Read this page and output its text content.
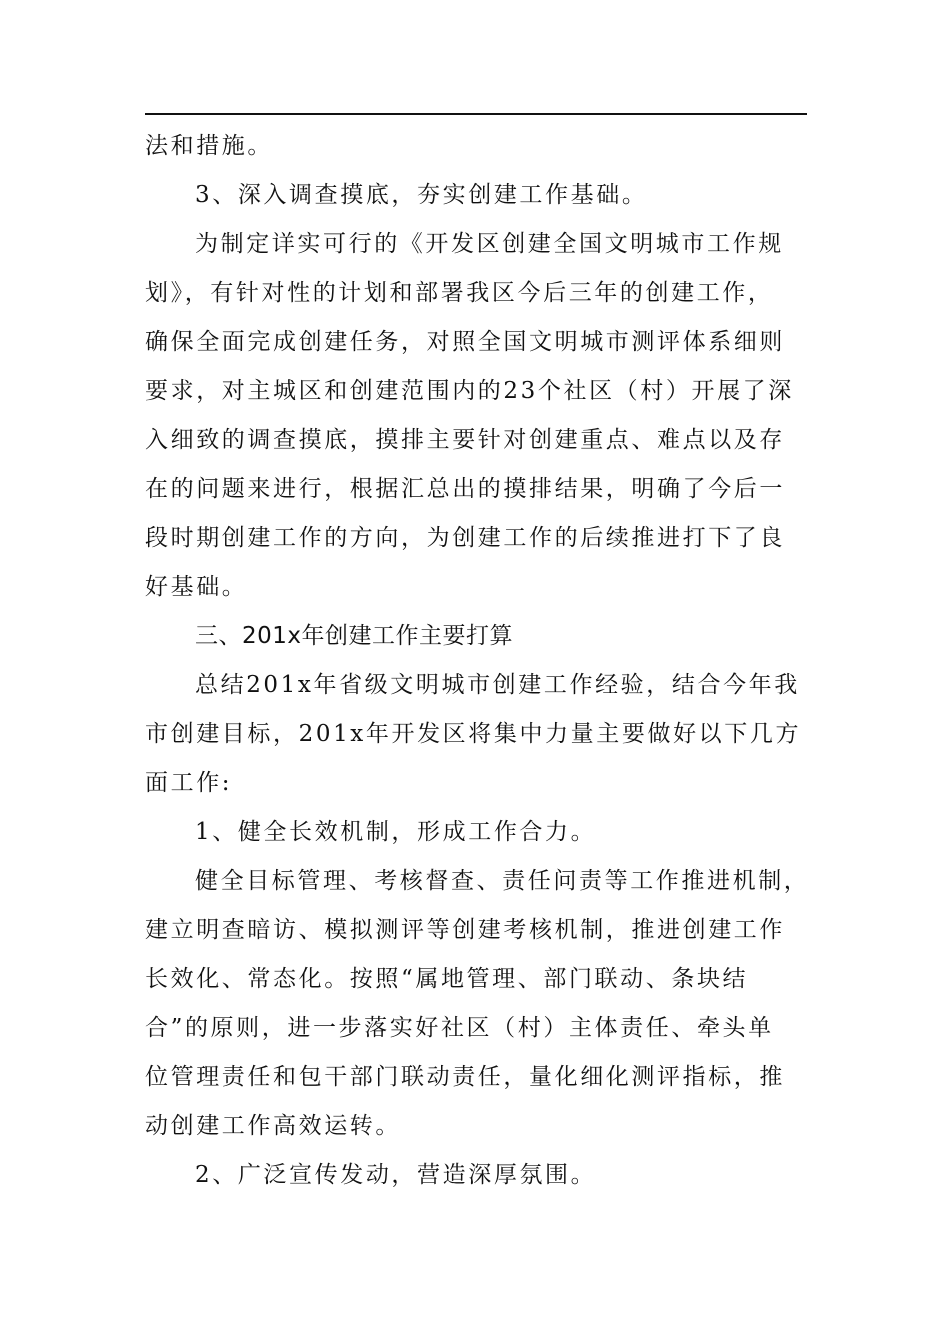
法和措施。
3、深入调查摸底，夯实创建工作基础。
为制定详实可行的《开发区创建全国文明城市工作规
划》，有针对性的计划和部署我区今后三年的创建工作，
确保全面完成创建任务，对照全国文明城市测评体系细则
要求，对主城区和创建范围内的23个社区（村）开展了深
入细致的调查摸底，摸排主要针对创建重点、难点以及存
在的问题来进行，根据汇总出的摸排结果，明确了今后一
段时期创建工作的方向，为创建工作的后续推进打下了良
好基础。
三、201x年创建工作主要打算
总结201x年省级文明城市创建工作经验，结合今年我
市创建目标，201x年开发区将集中力量主要做好以下几方
面工作:
1、健全长效机制，形成工作合力。
健全目标管理、考核督查、责任问责等工作推进机制，
建立明查暗访、模拟测评等创建考核机制，推进创建工作
长效化、常态化。按照“属地管理、部门联动、条块结
合”的原则，进一步落实好社区（村）主体责任、牵头单
位管理责任和包干部门联动责任，量化细化测评指标，推
动创建工作高效运转。
2、广泛宣传发动，营造深厚氛围。
